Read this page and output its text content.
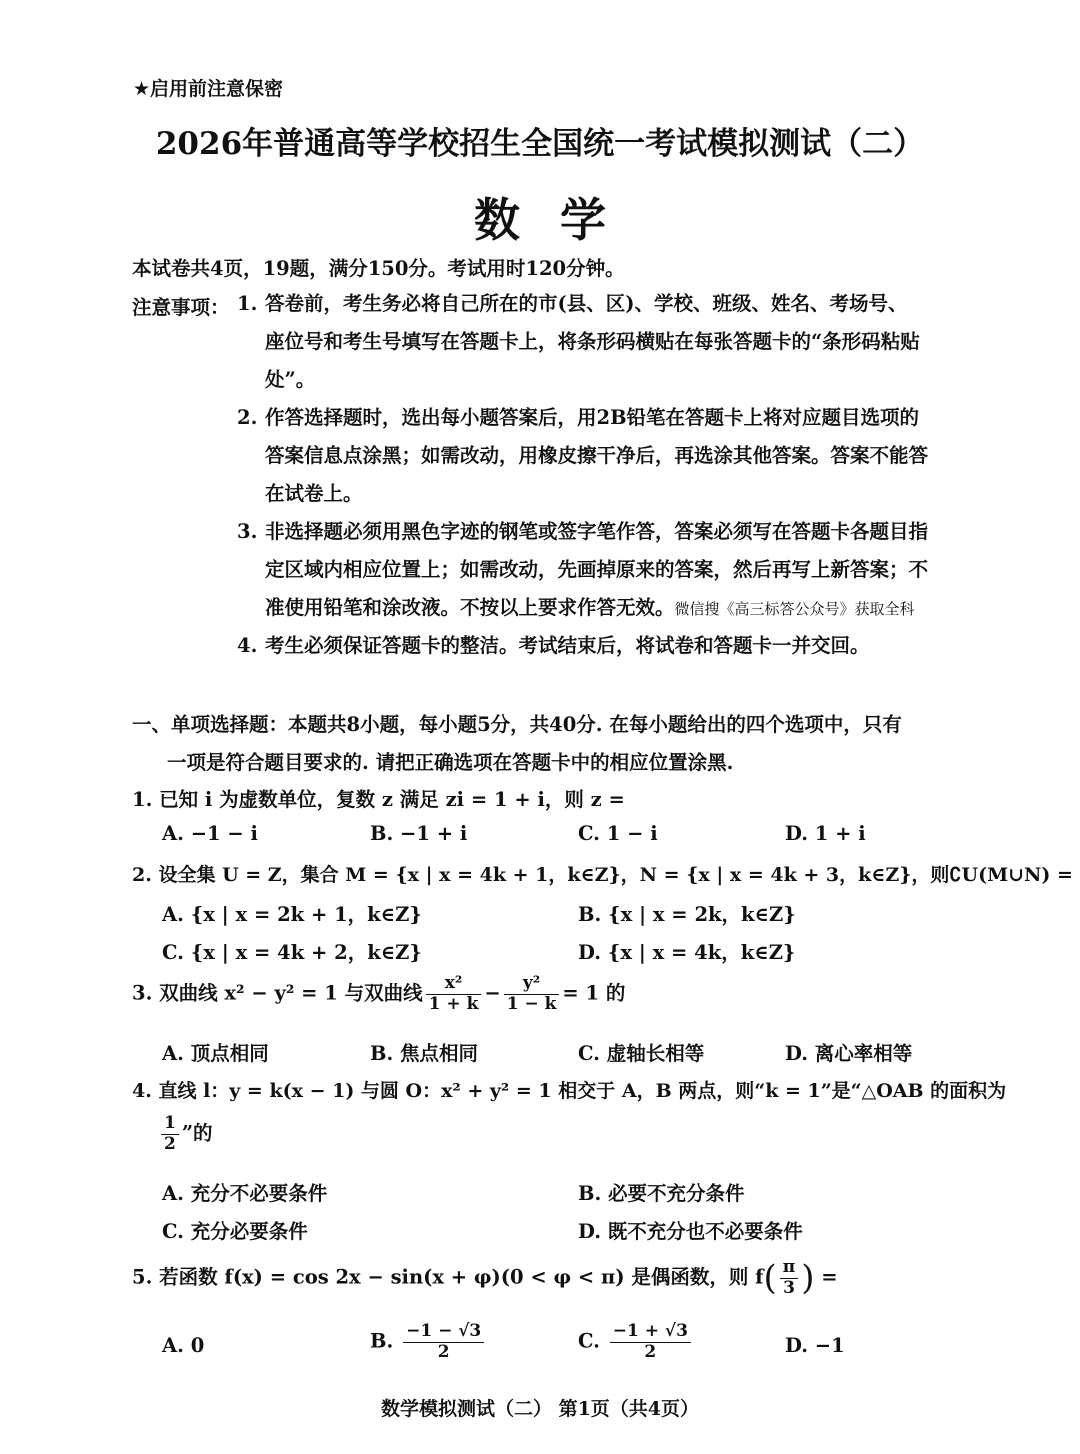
★启用前注意保密
2026年普通高等学校招生全国统一考试模拟测试（二）
数学
本试卷共4页，19题，满分150分。考试用时120分钟。
注意事项： 1. 答卷前，考生务必将自己所在的市(县、区)、学校、班级、姓名、考场号、
座位号和考生号填写在答题卡上，将条形码横贴在每张答题卡的“条形码粘贴
处”。
2. 作答选择题时，选出每小题答案后，用2B铅笔在答题卡上将对应题目选项的
答案信息点涂黑；如需改动，用橡皮擦干净后，再选涂其他答案。答案不能答
在试卷上。
3. 非选择题必须用黑色字迹的钢笔或签字笔作答，答案必须写在答题卡各题目指
定区域内相应位置上；如需改动，先画掉原来的答案，然后再写上新答案；不
准使用铅笔和涂改液。不按以上要求作答无效。微信搜《高三标答公众号》获取全科
4. 考生必须保证答题卡的整洁。考试结束后，将试卷和答题卡一并交回。
一、单项选择题：本题共8小题，每小题5分，共40分. 在每小题给出的四个选项中，只有
一项是符合题目要求的. 请把正确选项在答题卡中的相应位置涂黑.
1. 已知 i 为虚数单位，复数 z 满足 zi = 1 + i，则 z =
A. −1 − i	B. −1 + i	C. 1 − i	D. 1 + i
2. 设全集 U = Z，集合 M = {x | x = 4k + 1，k∈Z}，N = {x | x = 4k + 3，k∈Z}，则∁U(M∪N) =
A. {x | x = 2k + 1，k∈Z}	B. {x | x = 2k，k∈Z}
C. {x | x = 4k + 2，k∈Z}	D. {x | x = 4k，k∈Z}
3. 双曲线 x² − y² = 1 与双曲线 $\frac{\text{x²}}{1 + k} - \frac{\text{y²}}{1 - k} = 1$ 的
A. 顶点相同	B. 焦点相同	C. 虚轴长相等	D. 离心率相等
4. 直线 l：y = k(x − 1) 与圆 O：x² + y² = 1 相交于 A，B 两点，则“k = 1”是“△OAB 的面积为
$\frac{1}{2}$ ”的
A. 充分不必要条件	B. 必要不充分条件
C. 充分必要条件	D. 既不充分也不必要条件
5. 若函数 f(x) = cos 2x − sin(x + φ)(0 < φ < π) 是偶函数，则 $f( \frac{\pi}{3}$ ) =
A. 0	B. $\frac{-1 - √3}{2}$	C. $\frac{-1 + √3}{2}$	D. −1
数学模拟测试（二） 第1页（共4页）
